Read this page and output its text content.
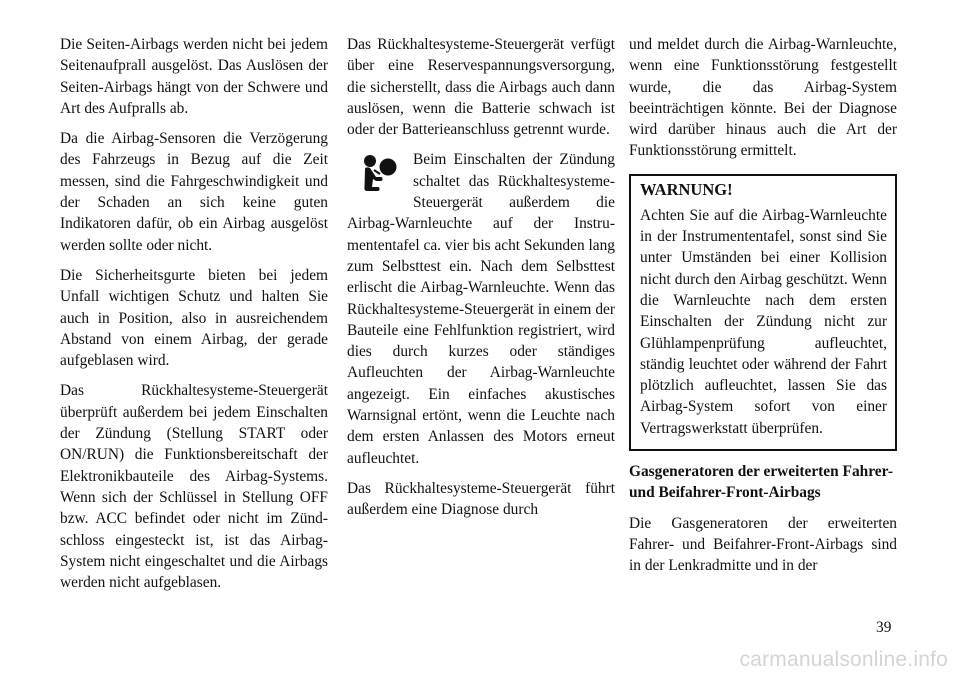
Die Seiten-Airbags werden nicht bei jedem Seitenaufprall ausgelöst. Das Auslösen der Seiten-Airbags hängt von der Schwere und Art des Aufpralls ab.

Da die Airbag-Sensoren die Verzögerung des Fahrzeugs in Bezug auf die Zeit messen, sind die Fahrgeschwindigkeit und der Schaden an sich keine guten Indikatoren dafür, ob ein Airbag ausgelöst werden sollte oder nicht.

Die Sicherheitsgurte bieten bei jedem Unfall wichtigen Schutz und halten Sie auch in Position, also in ausreichendem Abstand von einem Airbag, der gerade aufgeblasen wird.

Das Rückhaltesysteme-Steuergerät überprüft außerdem bei jedem Einschalten der Zündung (Stellung START oder ON/RUN) die Funktionsbereitschaft der Elektronikbauteile des Airbag-Systems. Wenn sich der Schlüssel in Stellung OFF bzw. ACC befindet oder nicht im Zündschloss eingesteckt ist, ist das Airbag-System nicht eingeschaltet und die Airbags werden nicht aufgeblasen.

Das Rückhaltesysteme-Steuergerät verfügt über eine Reservespannungsversorgung, die sicherstellt, dass die Airbags auch dann auslösen, wenn die Batterie schwach ist oder der Batterieanschluss getrennt wurde.

Beim Einschalten der Zündung schaltet das Rückhaltesysteme-Steuergerät außerdem die Airbag-Warnleuchte auf der Instrumententafel ca. vier bis acht Sekunden lang zum Selbsttest ein. Nach dem Selbsttest erlischt die Airbag-Warnleuchte. Wenn das Rückhaltesysteme-Steuergerät in einem der Bauteile eine Fehlfunktion registriert, wird dies durch kurzes oder ständiges Aufleuchten der Airbag-Warnleuchte angezeigt. Ein einfaches akustisches Warnsignal ertönt, wenn die Leuchte nach dem ersten Anlassen des Motors erneut aufleuchtet.

Das Rückhaltesysteme-Steuergerät führt außerdem eine Diagnose durch

und meldet durch die Airbag-Warnleuchte, wenn eine Funktionsstörung festgestellt wurde, die das Airbag-System beeinträchtigen könnte. Bei der Diagnose wird darüber hinaus auch die Art der Funktionsstörung ermittelt.

WARNUNG!

Achten Sie auf die Airbag-Warnleuchte in der Instrumententafel, sonst sind Sie unter Umständen bei einer Kollision nicht durch den Airbag geschützt. Wenn die Warnleuchte nach dem ersten Einschalten der Zündung nicht zur Glühlampenprüfung aufleuchtet, ständig leuchtet oder während der Fahrt plötzlich aufleuchtet, lassen Sie das Airbag-System sofort von einer Vertragswerkstatt überprüfen.

Gasgeneratoren der erweiterten Fahrer- und Beifahrer-Front-Airbags

Die Gasgeneratoren der erweiterten Fahrer- und Beifahrer-Front-Airbags sind in der Lenkradmitte und in der

39
carmanualsonline.info
